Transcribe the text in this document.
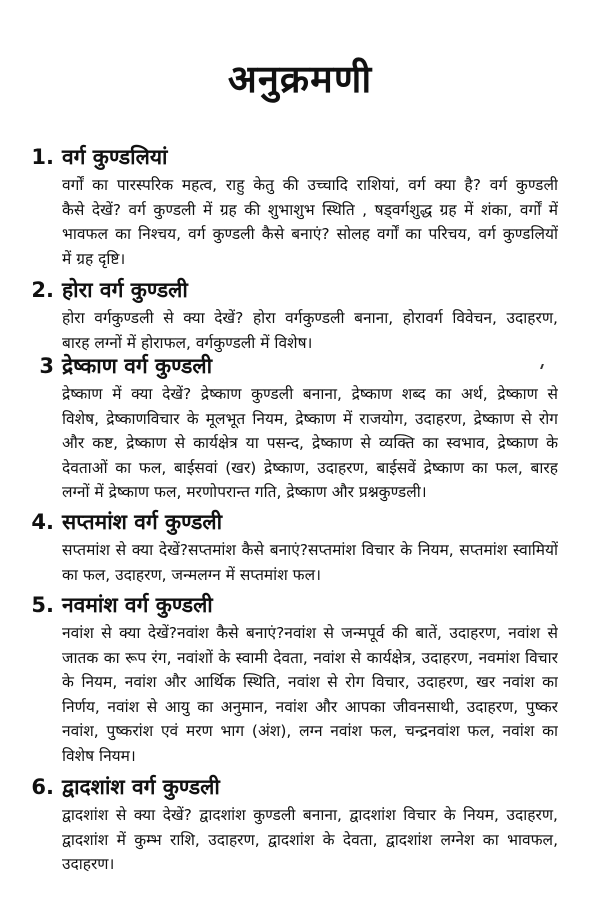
अनुक्रमणी
1. वर्ग कुण्डलियां
वर्गों का पारस्परिक महत्व, राहु केतु की उच्चादि राशियां, वर्ग क्या है? वर्ग कुण्डली
कैसे देखें? वर्ग कुण्डली में ग्रह की शुभाशुभ स्थिति , षड्वर्गशुद्ध ग्रह में शंका, वर्गों में
भावफल का निश्चय, वर्ग कुण्डली कैसे बनाएं? सोलह वर्गों का परिचय, वर्ग कुण्डलियों
में ग्रह दृष्टि।
2. होरा वर्ग कुण्डली
होरा वर्गकुण्डली से क्या देखें? होरा वर्गकुण्डली बनाना, होरावर्ग विवेचन, उदाहरण,
बारह लग्नों में होराफल, वर्गकुण्डली में विशेष।
3 द्रेष्काण वर्ग कुण्डली
द्रेष्काण में क्या देखें? द्रेष्काण कुण्डली बनाना, द्रेष्काण शब्द का अर्थ, द्रेष्काण से
विशेष, द्रेष्काणविचार के मूलभूत नियम, द्रेष्काण में राजयोग, उदाहरण, द्रेष्काण से रोग
और कष्ट, द्रेष्काण से कार्यक्षेत्र या पसन्द, द्रेष्काण से व्यक्ति का स्वभाव, द्रेष्काण के
देवताओं का फल, बाईसवां (खर) द्रेष्काण, उदाहरण, बाईसवें द्रेष्काण का फल, बारह
लग्नों में द्रेष्काण फल, मरणोपरान्त गति, द्रेष्काण और प्रश्नकुण्डली।
4. सप्तमांश वर्ग कुण्डली
सप्तमांश से क्या देखें?सप्तमांश कैसे बनाएं?सप्तमांश विचार के नियम, सप्तमांश स्वामियों
का फल, उदाहरण, जन्मलग्न में सप्तमांश फल।
5. नवमांश वर्ग कुण्डली
नवांश से क्या देखें?नवांश कैसे बनाएं?नवांश से जन्मपूर्व की बातें, उदाहरण, नवांश से
जातक का रूप रंग, नवांशों के स्वामी देवता, नवांश से कार्यक्षेत्र, उदाहरण, नवमांश विचार
के नियम, नवांश और आर्थिक स्थिति, नवांश से रोग विचार, उदाहरण, खर नवांश का
निर्णय, नवांश से आयु का अनुमान, नवांश और आपका जीवनसाथी, उदाहरण, पुष्कर
नवांश, पुष्करांश एवं मरण भाग (अंश), लग्न नवांश फल, चन्द्रनवांश फल, नवांश का
विशेष नियम।
6. द्वादशांश वर्ग कुण्डली
द्वादशांश से क्या देखें? द्वादशांश कुण्डली बनाना, द्वादशांश विचार के नियम, उदाहरण,
द्वादशांश में कुम्भ राशि, उदाहरण, द्वादशांश के देवता, द्वादशांश लग्नेश का भावफल,
उदाहरण।
